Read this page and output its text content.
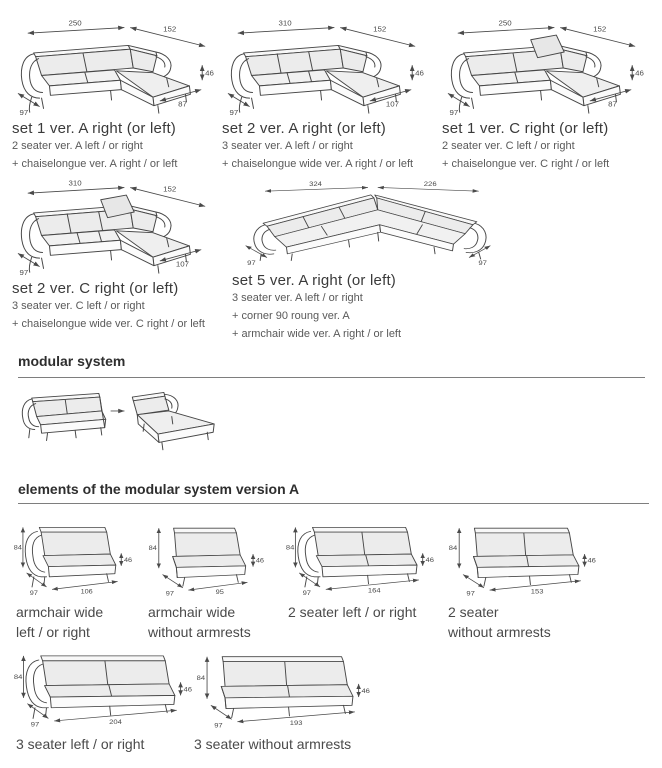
250
152
46
87
97
set 1 ver. A right (or left)
2 seater ver. A left / or right
+ chaiselongue ver. A right / or left
310
152
46
107
97
set 2 ver. A right (or left)
3 seater ver. A left / or right
+ chaiselongue wide ver. A right / or left
250
152
46
87
97
set 1 ver. C right (or left)
2 seater ver. C left / or right
+ chaiselongue ver. C right / or left
310
152
107
97
set 2 ver. C right (or left)
3 seater ver. C left / or right
+ chaiselongue wide ver. C right / or left
324	226
97	97
set 5 ver. A right (or left)
3 seater ver. A left / or right
+ corner 90 roung ver. A
+ armchair wide ver. A right / or left
modular system
elements of the modular system version A
84
97	106
46
armchair wide
left / or right
84
97	95
46
armchair wide
without armrests
84
97	164
46
2 seater left / or right
84
97	153
46
2 seater
without armrests
84
97	204
46
3 seater left / or right
84
97	193
46
3 seater without armrests
